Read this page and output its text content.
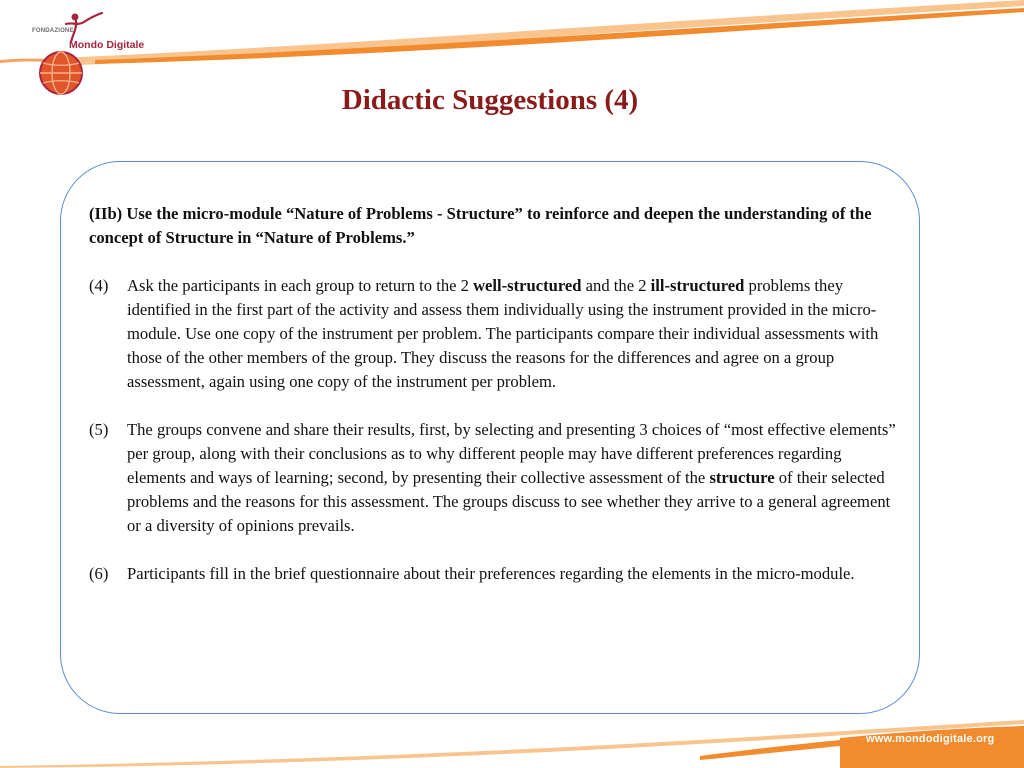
FONDAZIONE
Mondo Digitale
Didactic Suggestions (4)

(IIb) Use the micro-module “Nature of Problems - Structure” to reinforce and deepen the understanding of the concept of Structure in “Nature of Problems.”

(4) Ask the participants in each group to return to the 2 well-structured and the 2 ill-structured problems they identified in the first part of the activity and assess them individually using the instrument provided in the micro-module. Use one copy of the instrument per problem. The participants compare their individual assessments with those of the other members of the group. They discuss the reasons for the differences and agree on a group assessment, again using one copy of the instrument per problem.
(5) The groups convene and share their results, first, by selecting and presenting 3 choices of “most effective elements” per group, along with their conclusions as to why different people may have different preferences regarding elements and ways of learning; second, by presenting their collective assessment of the structure of their selected problems and the reasons for this assessment. The groups discuss to see whether they arrive to a general agreement or a diversity of opinions prevails.
(6) Participants fill in the brief questionnaire about their preferences regarding the elements in the micro-module.
www.mondodigitale.org
